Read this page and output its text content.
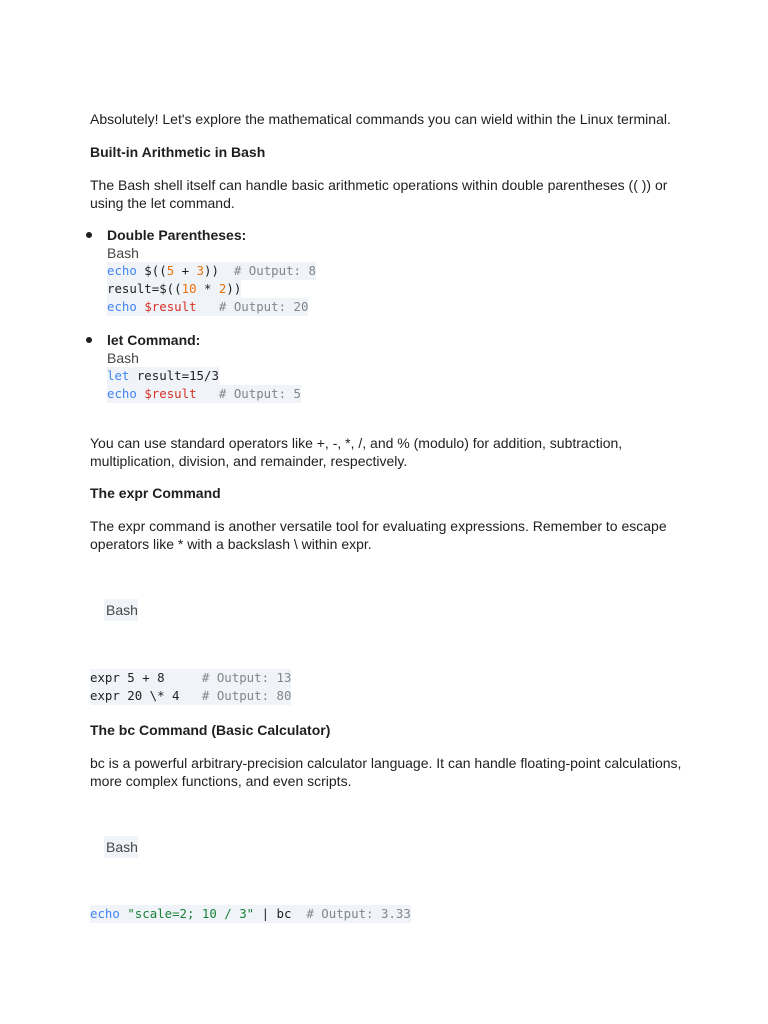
Absolutely! Let's explore the mathematical commands you can wield within the Linux terminal.

Built-in Arithmetic in Bash

The Bash shell itself can handle basic arithmetic operations within double parentheses (( )) or using the let command.

Double Parentheses:

Bash

echo $((5 + 3))  # Output: 8
result=$((10 * 2))
echo $result # Output: 20

let Command:

Bash

let result=15/3
echo $result # Output: 5

You can use standard operators like +, -, *, /, and % (modulo) for addition, subtraction, multiplication, division, and remainder, respectively.

The expr Command

The expr command is another versatile tool for evaluating expressions. Remember to escape operators like * with a backslash \ within expr.

Bash

expr 5 + 8     # Output: 13
expr 20 \* 4   # Output: 80

The bc Command (Basic Calculator)

bc is a powerful arbitrary-precision calculator language. It can handle floating-point calculations, more complex functions, and even scripts.

Bash

echo "scale=2; 10 / 3" | bc  # Output: 3.33
